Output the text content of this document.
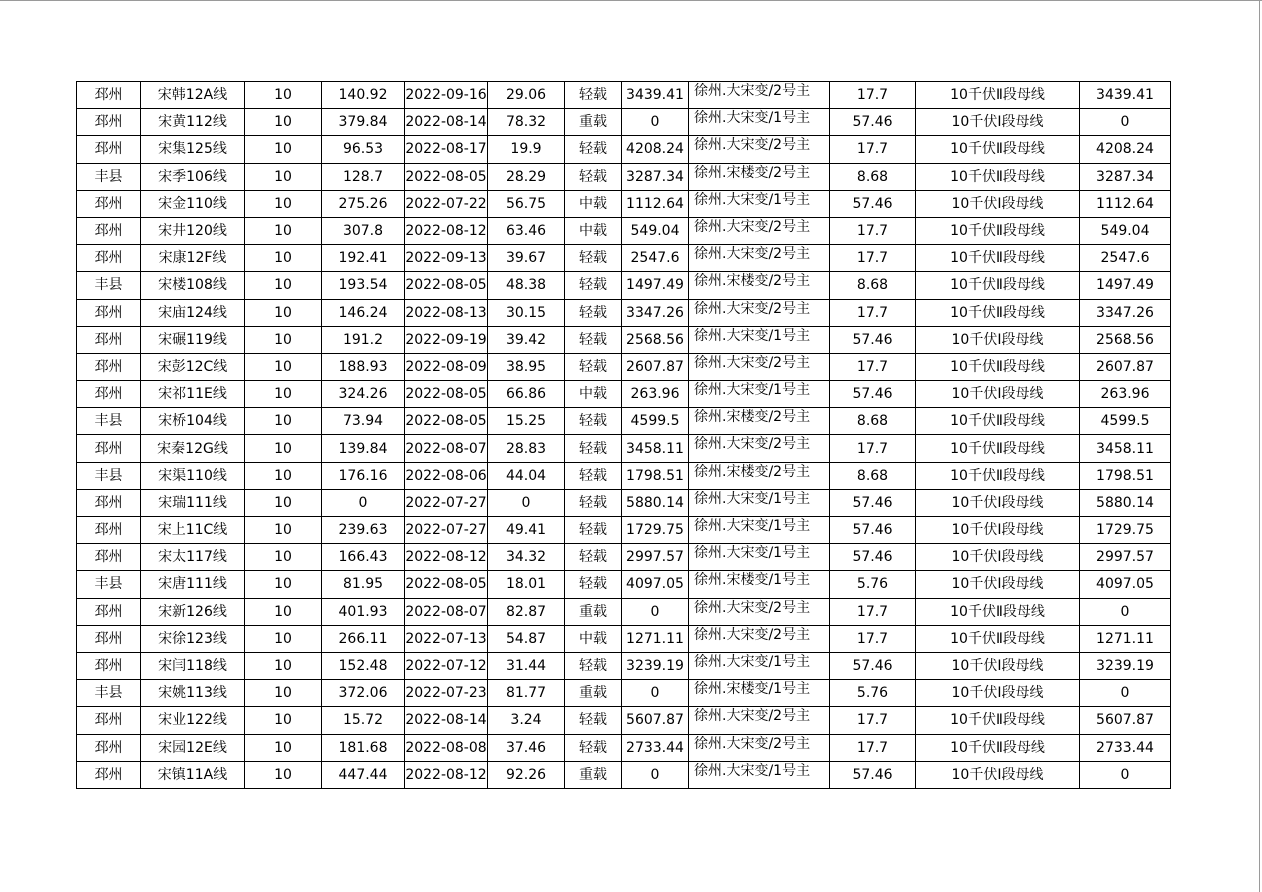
邳州	宋韩12A线	10	140.92	2022-09-16	29.06	轻载	3439.41	徐州.大宋变/2号主	17.7	10千伏Ⅱ段母线	3439.41
邳州	宋黄112线	10	379.84	2022-08-14	78.32	重载	0	徐州.大宋变/1号主	57.46	10千伏Ⅰ段母线	0
邳州	宋集125线	10	96.53	2022-08-17	19.9	轻载	4208.24	徐州.大宋变/2号主	17.7	10千伏Ⅱ段母线	4208.24
丰县	宋季106线	10	128.7	2022-08-05	28.29	轻载	3287.34	徐州.宋楼变/2号主	8.68	10千伏Ⅱ段母线	3287.34
邳州	宋金110线	10	275.26	2022-07-22	56.75	中载	1112.64	徐州.大宋变/1号主	57.46	10千伏Ⅰ段母线	1112.64
邳州	宋井120线	10	307.8	2022-08-12	63.46	中载	549.04	徐州.大宋变/2号主	17.7	10千伏Ⅱ段母线	549.04
邳州	宋康12F线	10	192.41	2022-09-13	39.67	轻载	2547.6	徐州.大宋变/2号主	17.7	10千伏Ⅱ段母线	2547.6
丰县	宋楼108线	10	193.54	2022-08-05	48.38	轻载	1497.49	徐州.宋楼变/2号主	8.68	10千伏Ⅱ段母线	1497.49
邳州	宋庙124线	10	146.24	2022-08-13	30.15	轻载	3347.26	徐州.大宋变/2号主	17.7	10千伏Ⅱ段母线	3347.26
邳州	宋碾119线	10	191.2	2022-09-19	39.42	轻载	2568.56	徐州.大宋变/1号主	57.46	10千伏Ⅰ段母线	2568.56
邳州	宋彭12C线	10	188.93	2022-08-09	38.95	轻载	2607.87	徐州.大宋变/2号主	17.7	10千伏Ⅱ段母线	2607.87
邳州	宋祁11E线	10	324.26	2022-08-05	66.86	中载	263.96	徐州.大宋变/1号主	57.46	10千伏Ⅰ段母线	263.96
丰县	宋桥104线	10	73.94	2022-08-05	15.25	轻载	4599.5	徐州.宋楼变/2号主	8.68	10千伏Ⅱ段母线	4599.5
邳州	宋秦12G线	10	139.84	2022-08-07	28.83	轻载	3458.11	徐州.大宋变/2号主	17.7	10千伏Ⅱ段母线	3458.11
丰县	宋渠110线	10	176.16	2022-08-06	44.04	轻载	1798.51	徐州.宋楼变/2号主	8.68	10千伏Ⅱ段母线	1798.51
邳州	宋瑞111线	10	0	2022-07-27	0	轻载	5880.14	徐州.大宋变/1号主	57.46	10千伏Ⅰ段母线	5880.14
邳州	宋上11C线	10	239.63	2022-07-27	49.41	轻载	1729.75	徐州.大宋变/1号主	57.46	10千伏Ⅰ段母线	1729.75
邳州	宋太117线	10	166.43	2022-08-12	34.32	轻载	2997.57	徐州.大宋变/1号主	57.46	10千伏Ⅰ段母线	2997.57
丰县	宋唐111线	10	81.95	2022-08-05	18.01	轻载	4097.05	徐州.宋楼变/1号主	5.76	10千伏Ⅰ段母线	4097.05
邳州	宋新126线	10	401.93	2022-08-07	82.87	重载	0	徐州.大宋变/2号主	17.7	10千伏Ⅱ段母线	0
邳州	宋徐123线	10	266.11	2022-07-13	54.87	中载	1271.11	徐州.大宋变/2号主	17.7	10千伏Ⅱ段母线	1271.11
邳州	宋闫118线	10	152.48	2022-07-12	31.44	轻载	3239.19	徐州.大宋变/1号主	57.46	10千伏Ⅰ段母线	3239.19
丰县	宋姚113线	10	372.06	2022-07-23	81.77	重载	0	徐州.宋楼变/1号主	5.76	10千伏Ⅰ段母线	0
邳州	宋业122线	10	15.72	2022-08-14	3.24	轻载	5607.87	徐州.大宋变/2号主	17.7	10千伏Ⅱ段母线	5607.87
邳州	宋园12E线	10	181.68	2022-08-08	37.46	轻载	2733.44	徐州.大宋变/2号主	17.7	10千伏Ⅱ段母线	2733.44
邳州	宋镇11A线	10	447.44	2022-08-12	92.26	重载	0	徐州.大宋变/1号主	57.46	10千伏Ⅰ段母线	0
